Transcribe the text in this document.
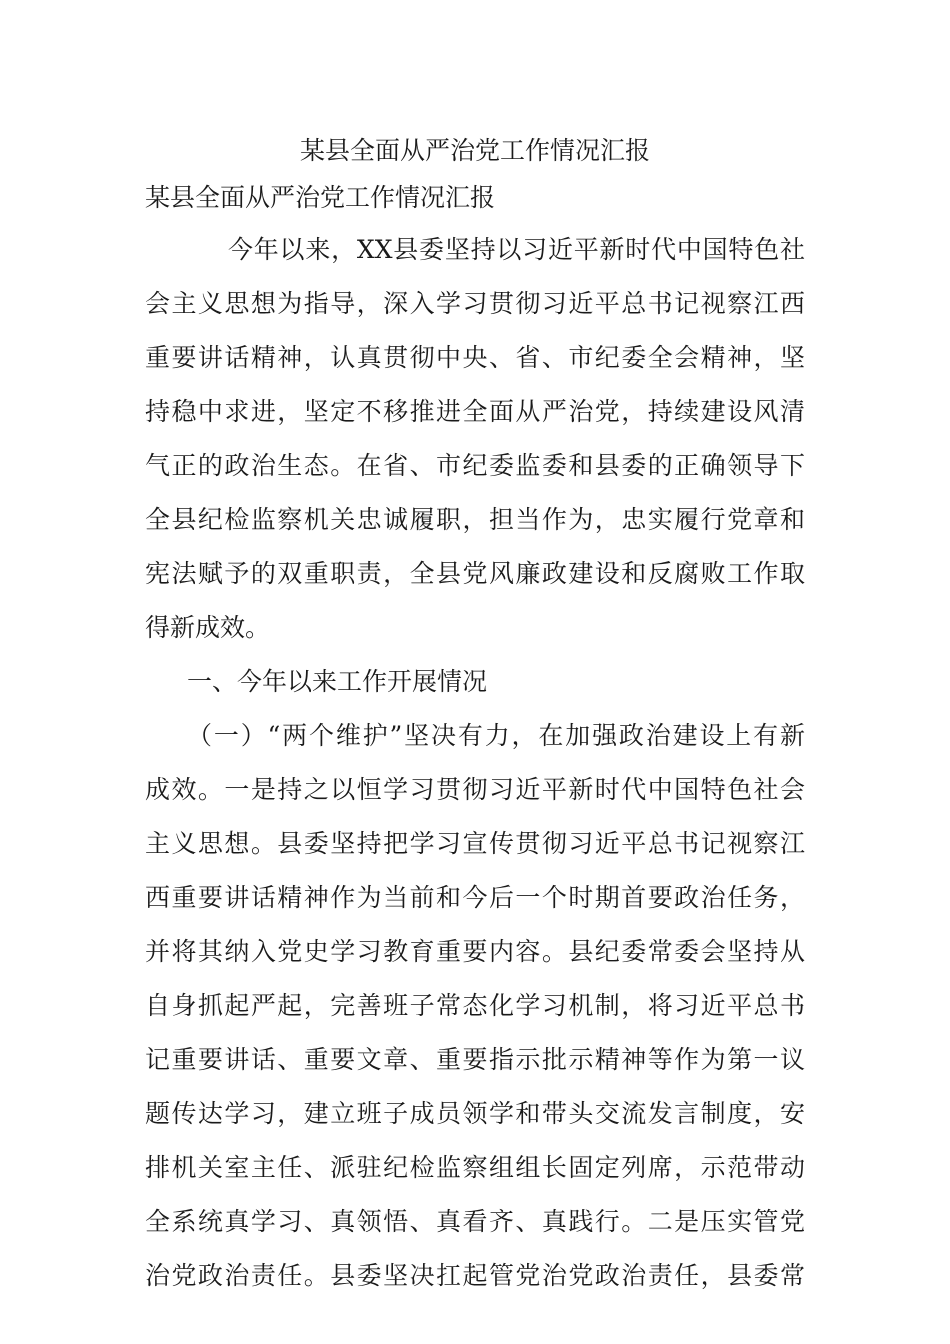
某县全面从严治党工作情况汇报
某县全面从严治党工作情况汇报
今年以来，XX县委坚持以习近平新时代中国特色社
会主义思想为指导，深入学习贯彻习近平总书记视察江西
重要讲话精神，认真贯彻中央、省、市纪委全会精神，坚
持稳中求进，坚定不移推进全面从严治党，持续建设风清
气正的政治生态。在省、市纪委监委和县委的正确领导下
全县纪检监察机关忠诚履职，担当作为，忠实履行党章和
宪法赋予的双重职责，全县党风廉政建设和反腐败工作取
得新成效。
一、今年以来工作开展情况
（一）“两个维护”坚决有力，在加强政治建设上有新
成效。一是持之以恒学习贯彻习近平新时代中国特色社会
主义思想。县委坚持把学习宣传贯彻习近平总书记视察江
西重要讲话精神作为当前和今后一个时期首要政治任务，
并将其纳入党史学习教育重要内容。县纪委常委会坚持从
自身抓起严起，完善班子常态化学习机制，将习近平总书
记重要讲话、重要文章、重要指示批示精神等作为第一议
题传达学习，建立班子成员领学和带头交流发言制度，安
排机关室主任、派驻纪检监察组组长固定列席，示范带动
全系统真学习、真领悟、真看齐、真践行。二是压实管党
治党政治责任。县委坚决扛起管党治党政治责任，县委常
